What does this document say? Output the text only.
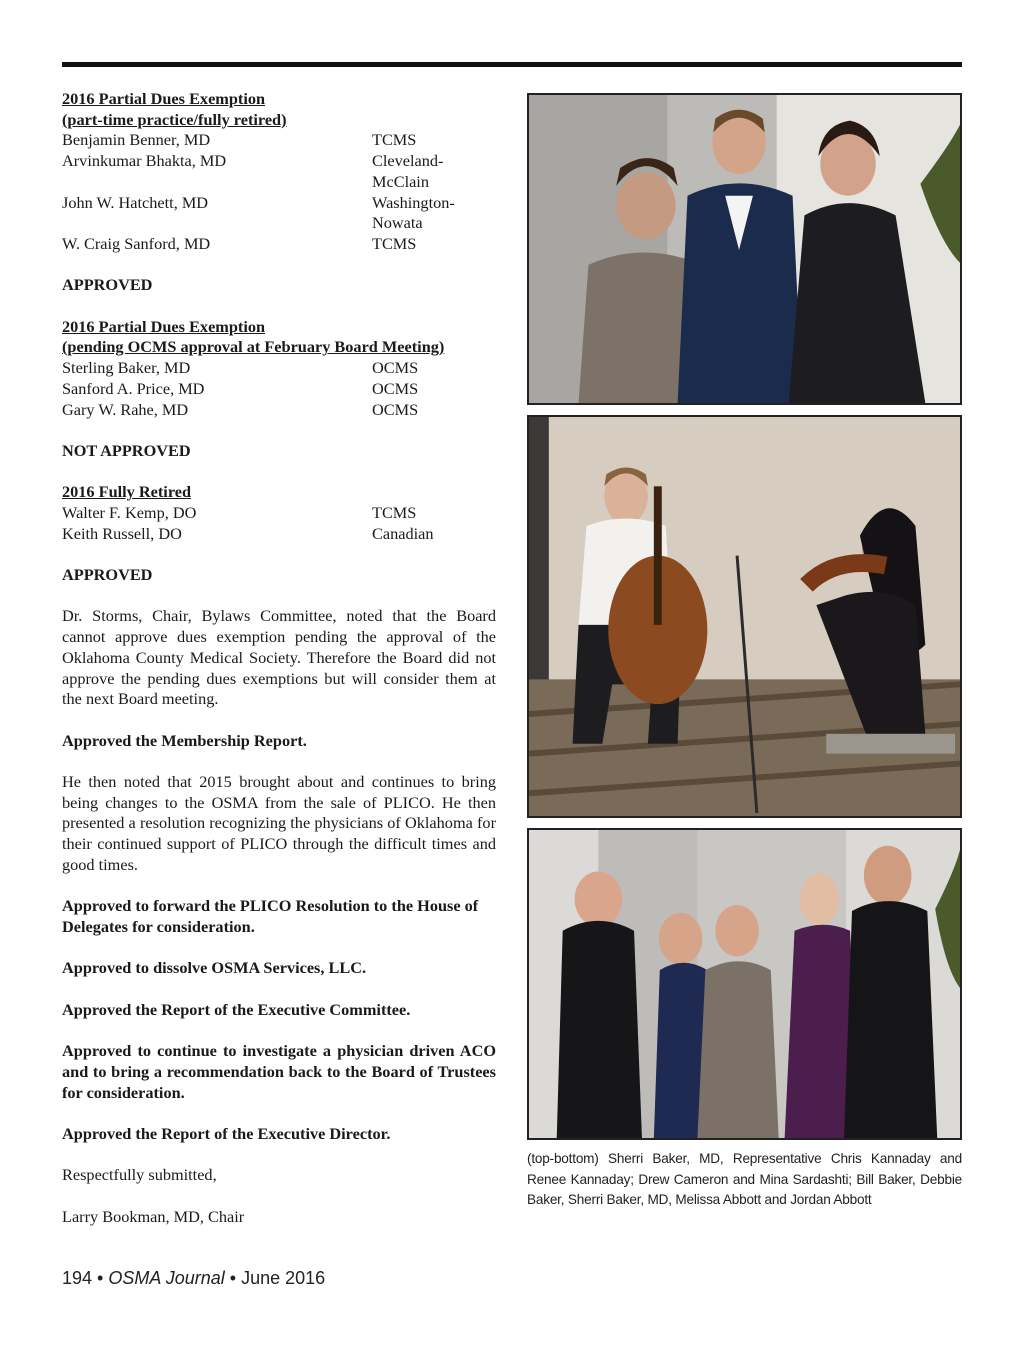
2016 Partial Dues Exemption
(part-time practice/fully retired)
Benjamin Benner, MD	TCMS
Arvinkumar Bhakta, MD	Cleveland-
McClain
John W. Hatchett, MD	Washington-
Nowata
W. Craig Sanford, MD	TCMS
APPROVED
2016 Partial Dues Exemption
(pending OCMS approval at February Board Meeting)
Sterling Baker, MD	OCMS
Sanford A. Price, MD	OCMS
Gary W. Rahe, MD	OCMS
NOT APPROVED
2016 Fully Retired
Walter F. Kemp, DO	TCMS
Keith Russell, DO	Canadian
APPROVED

Dr. Storms, Chair, Bylaws Committee, noted that the Board cannot approve dues exemption pending the approval of the Oklahoma County Medical Society. Therefore the Board did not approve the pending dues exemptions but will consider them at the next Board meeting.

Approved the Membership Report.

He then noted that 2015 brought about and continues to bring being changes to the OSMA from the sale of PLICO. He then presented a resolution recognizing the physicians of Oklahoma for their continued support of PLICO through the difficult times and good times.

Approved to forward the PLICO Resolution to the House of Delegates for consideration.

Approved to dissolve OSMA Services, LLC.

Approved the Report of the Executive Committee.

Approved to continue to investigate a physician driven ACO and to bring a recommendation back to the Board of Trustees for consideration.

Approved the Report of the Executive Director.

Respectfully submitted,

Larry Bookman, MD, Chair

194 • OSMA Journal • June 2016
(top-bottom) Sherri Baker, MD, Representative Chris Kannaday and Renee Kannaday; Drew Cameron and Mina Sardashti; Bill Baker, Debbie Baker, Sherri Baker, MD, Melissa Abbott and Jordan Abbott
